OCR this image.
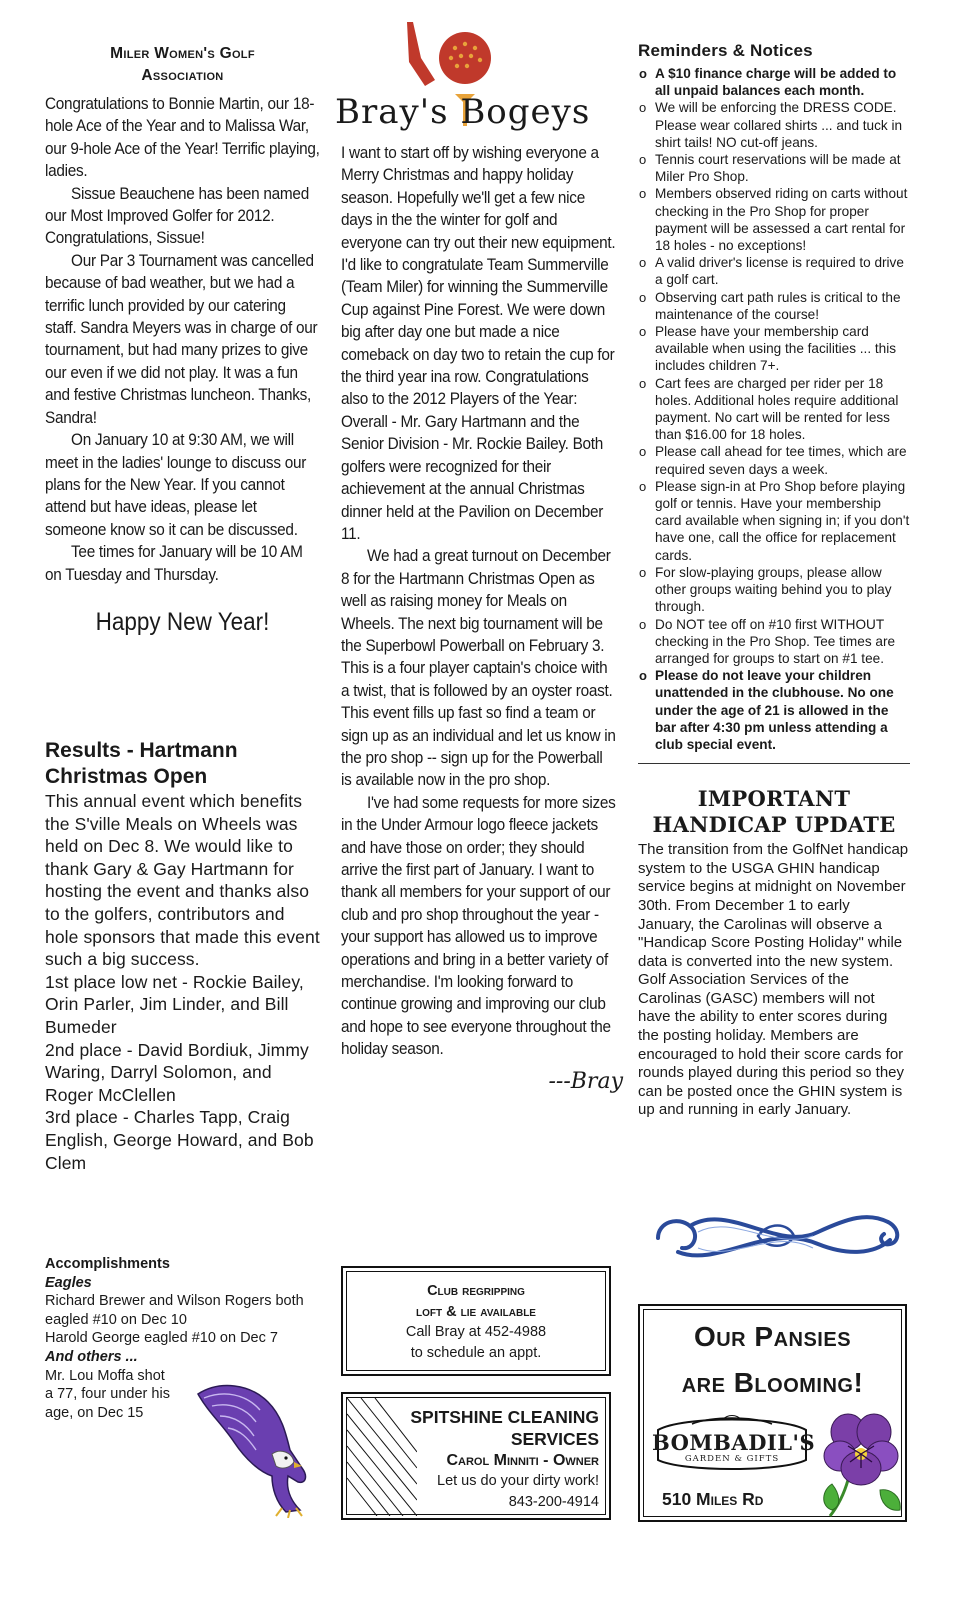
Miler Women's Golf
Association

Congratulations to Bonnie Martin, our 18-hole Ace of the Year and to Malissa War, our 9-hole Ace of the Year! Terrific playing, ladies.

Sissue Beauchene has been named our Most Improved Golfer for 2012. Congratulations, Sissue!

Our Par 3 Tournament was cancelled because of bad weather, but we had a terrific lunch provided by our catering staff. Sandra Meyers was in charge of our tournament, but had many prizes to give our even if we did not play. It was a fun and festive Christmas luncheon. Thanks, Sandra!

On January 10 at 9:30 AM, we will meet in the ladies' lounge to discuss our plans for the New Year. If you cannot attend but have ideas, please let someone know so it can be discussed.

Tee times for January will be 10 AM on Tuesday and Thursday.

Happy New Year!
Results - Hartmann
Christmas Open

This annual event which benefits the S'ville Meals on Wheels was held on Dec 8. We would like to thank Gary & Gay Hartmann for hosting the event and thanks also to the golfers, contributors and hole sponsors that made this event such a big success.

1st place low net - Rockie Bailey, Orin Parler, Jim Linder, and Bill Bumeder

2nd place - David Bordiuk, Jimmy Waring, Darryl Solomon, and Roger McClellen

3rd place - Charles Tapp, Craig English, George Howard, and Bob Clem

Accomplishments

Eagles

Richard Brewer and Wilson Rogers both eagled #10 on Dec 10

Harold George eagled #10 on Dec 7

And others ...

Mr. Lou Moffa shot

a 77, four under his

age, on Dec 15

Bray's Bogeys

I want to start off by wishing everyone a Merry Christmas and happy holiday season. Hopefully we'll get a few nice days in the the winter for golf and everyone can try out their new equipment. I'd like to congratulate Team Summerville (Team Miler) for winning the Summerville Cup against Pine Forest. We were down big after day one but made a nice comeback on day two to retain the cup for the third year ina row. Congratulations also to the 2012 Players of the Year: Overall - Mr. Gary Hartmann and the Senior Division - Mr. Rockie Bailey. Both golfers were recognized for their achievement at the annual Christmas dinner held at the Pavilion on December 11.

We had a great turnout on December 8 for the Hartmann Christmas Open as well as raising money for Meals on Wheels. The next big tournament will be the Superbowl Powerball on February 3. This is a four player captain's choice with a twist, that is followed by an oyster roast. This event fills up fast so find a team or sign up as an individual and let us know in the pro shop -- sign up for the Powerball is available now in the pro shop.

I've had some requests for more sizes in the Under Armour logo fleece jackets and have those on order; they should arrive the first part of January. I want to thank all members for your support of our club and pro shop throughout the year - your support has allowed us to improve operations and bring in a better variety of merchandise. I'm looking forward to continue growing and improving our club and hope to see everyone throughout the holiday season.

---Bray
Club regripping
loft & lie available
Call Bray at 452-4988
to schedule an appt.
SPITSHINE CLEANING
SERVICES
Carol Minniti - Owner
Let us do your dirty work!
843-200-4914
Reminders & Notices
o A $10 finance charge will be added to all unpaid balances each month.
o We will be enforcing the DRESS CODE. Please wear collared shirts ... and tuck in shirt tails! NO cut-off jeans.
o Tennis court reservations will be made at Miler Pro Shop.
o Members observed riding on carts without checking in the Pro Shop for proper payment will be assessed a cart rental for 18 holes - no exceptions!
o A valid driver's license is required to drive a golf cart.
o Observing cart path rules is critical to the maintenance of the course!
o Please have your membership card available when using the facilities ... this includes children 7+.
o Cart fees are charged per rider per 18 holes. Additional holes require additional payment. No cart will be rented for less than $16.00 for 18 holes.
o Please call ahead for tee times, which are required seven days a week.
o Please sign-in at Pro Shop before playing golf or tennis. Have your membership card available when signing in; if you don't have one, call the office for replacement cards.
o For slow-playing groups, please allow other groups waiting behind you to play through.
o Do NOT tee off on #10 first WITHOUT checking in the Pro Shop. Tee times are arranged for groups to start on #1 tee.
o Please do not leave your children unattended in the clubhouse. No one under the age of 21 is allowed in the bar after 4:30 pm unless attending a club special event.
IMPORTANT
HANDICAP UPDATE
The transition from the GolfNet handicap system to the USGA GHIN handicap service begins at midnight on November 30th. From December 1 to early January, the Carolinas will observe a "Handicap Score Posting Holiday" while data is converted into the new system. Golf Association Services of the Carolinas (GASC) members will not have the ability to enter scores during the posting holiday. Members are encouraged to hold their score cards for rounds played during this period so they can be posted once the GHIN system is up and running in early January.
Our Pansies
are Blooming!
BOMBADIL'S
GARDEN & GIFTS
510 Miles Rd
